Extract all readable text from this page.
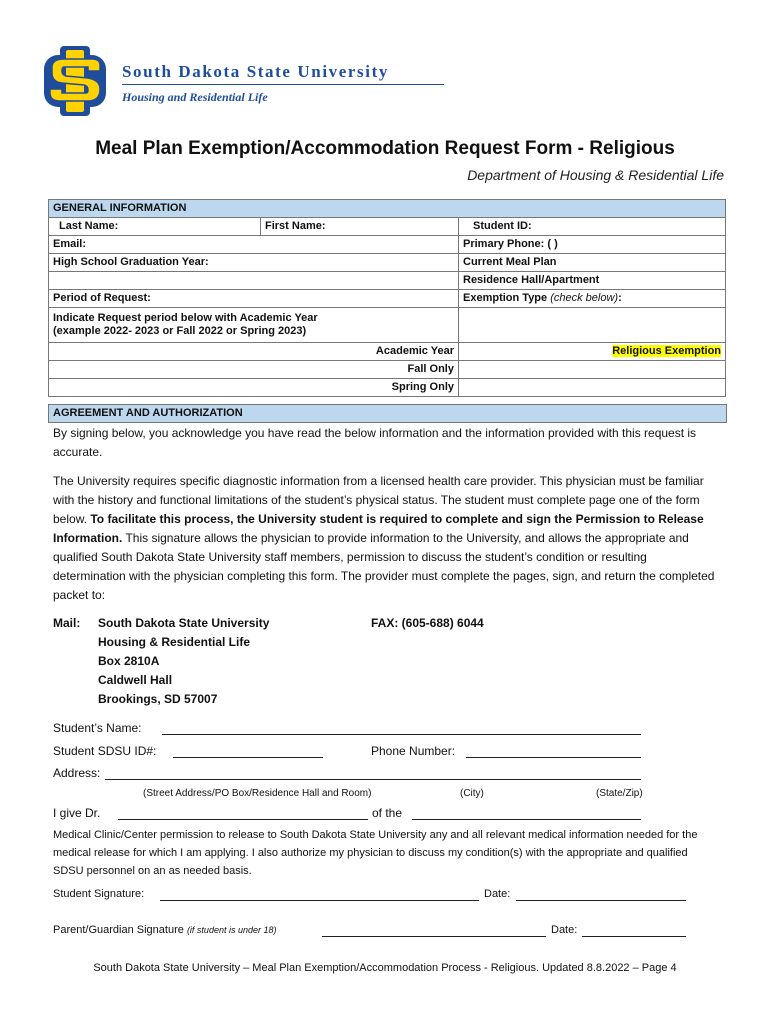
South Dakota State University
Housing and Residential Life
Meal Plan Exemption/Accommodation Request Form - Religious
Department of Housing & Residential Life
GENERAL INFORMATION		
Last Name:	First Name:	Student ID:
Email:		Primary Phone: ( )
High School Graduation Year:		Current Meal Plan
		Residence Hall/Apartment
Period of Request:		Exemption Type (check below):
Indicate Request period below with Academic Year
(example 2022- 2023 or Fall 2022 or Spring 2023)		
Academic Year		Religious Exemption
Fall Only		
Spring Only		
AGREEMENT AND AUTHORIZATION
By signing below, you acknowledge you have read the below information and the information provided with this request is accurate.
The University requires specific diagnostic information from a licensed health care provider. This physician must be familiar with the history and functional limitations of the student’s physical status. The student must complete page one of the form below. To facilitate this process, the University student is required to complete and sign the Permission to Release Information. This signature allows the physician to provide information to the University, and allows the appropriate and qualified South Dakota State University staff members, permission to discuss the student’s condition or resulting determination with the physician completing this form. The provider must complete the pages, sign, and return the completed packet to:
Mail: South Dakota State University
Housing & Residential Life
Box 2810A
Caldwell Hall
Brookings, SD 57007
FAX: (605-688) 6044
Student’s Name:
Student SDSU ID#:	Phone Number:
Address:
(Street Address/PO Box/Residence Hall and Room)	(City)	(State/Zip)
I give Dr.	of the
Medical Clinic/Center permission to release to South Dakota State University any and all relevant medical information needed for the medical release for which I am applying. I also authorize my physician to discuss my condition(s) with the appropriate and qualified SDSU personnel on an as needed basis.
Student Signature:	Date:
Parent/Guardian Signature (if student is under 18)	Date:
South Dakota State University – Meal Plan Exemption/Accommodation Process - Religious. Updated 8.8.2022 – Page 4
